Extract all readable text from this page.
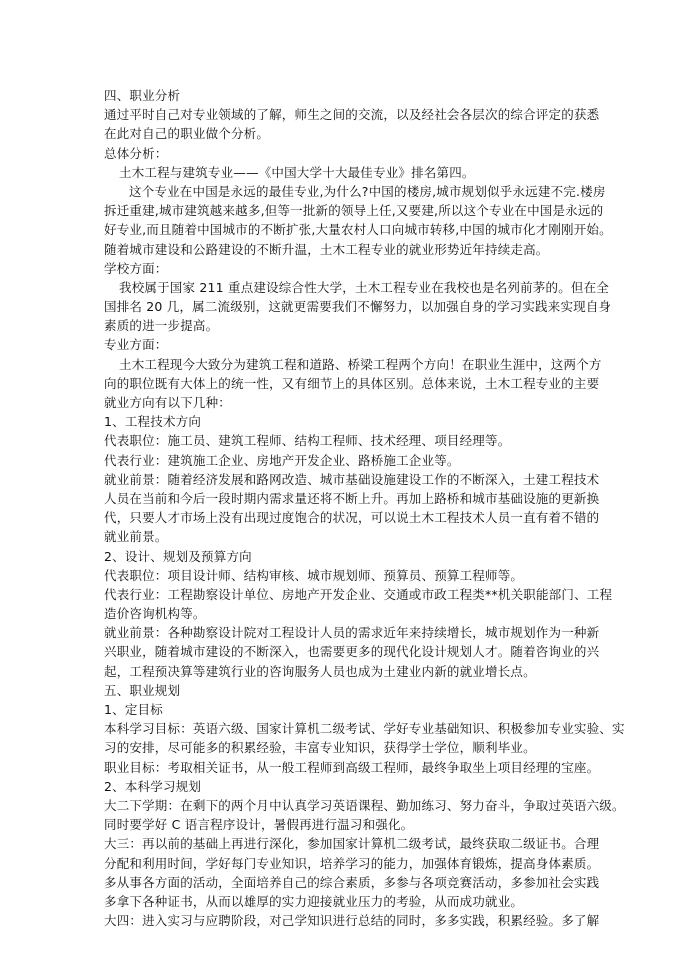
四、职业分析
通过平时自己对专业领域的了解，师生之间的交流，以及经社会各层次的综合评定的获悉
在此对自己的职业做个分析。
总体分析：
土木工程与建筑专业——《中国大学十大最佳专业》排名第四。
这个专业在中国是永远的最佳专业,为什么?中国的楼房,城市规划似乎永远建不完.楼房
拆迁重建,城市建筑越来越多,但等一批新的领导上任,又要建,所以这个专业在中国是永远的
好专业,而且随着中国城市的不断扩张,大量农村人口向城市转移,中国的城市化才刚刚开始。
随着城市建设和公路建设的不断升温，土木工程专业的就业形势近年持续走高。
学校方面：
我校属于国家 211 重点建设综合性大学，土木工程专业在我校也是名列前茅的。但在全
国排名 20 几，属二流级别，这就更需要我们不懈努力，以加强自身的学习实践来实现自身
素质的进一步提高。
专业方面：
土木工程现今大致分为建筑工程和道路、桥梁工程两个方向！在职业生涯中，这两个方
向的职位既有大体上的统一性，又有细节上的具体区别。总体来说，土木工程专业的主要
就业方向有以下几种：
1、工程技术方向
代表职位：施工员、建筑工程师、结构工程师、技术经理、项目经理等。
代表行业：建筑施工企业、房地产开发企业、路桥施工企业等。
就业前景：随着经济发展和路网改造、城市基础设施建设工作的不断深入，土建工程技术
人员在当前和今后一段时期内需求量还将不断上升。再加上路桥和城市基础设施的更新换
代，只要人才市场上没有出现过度饱合的状况，可以说土木工程技术人员一直有着不错的
就业前景。
2、设计、规划及预算方向
代表职位：项目设计师、结构审核、城市规划师、预算员、预算工程师等。
代表行业：工程勘察设计单位、房地产开发企业、交通或市政工程类**机关职能部门、工程
造价咨询机构等。
就业前景：各种勘察设计院对工程设计人员的需求近年来持续增长，城市规划作为一种新
兴职业，随着城市建设的不断深入，也需要更多的现代化设计规划人才。随着咨询业的兴
起，工程预决算等建筑行业的咨询服务人员也成为土建业内新的就业增长点。
五、职业规划
1、定目标
本科学习目标：英语六级、国家计算机二级考试、学好专业基础知识、积极参加专业实验、实
习的安排，尽可能多的积累经验，丰富专业知识，获得学士学位，顺利毕业。
职业目标：考取相关证书，从一般工程师到高级工程师，最终争取坐上项目经理的宝座。
2、本科学习规划
大二下学期：在剩下的两个月中认真学习英语课程、勤加练习、努力奋斗，争取过英语六级。
同时要学好 C 语言程序设计，暑假再进行温习和强化。
大三：再以前的基础上再进行深化，参加国家计算机二级考试，最终获取二级证书。合理
分配和利用时间，学好每门专业知识，培养学习的能力，加强体育锻炼，提高身体素质。
多从事各方面的活动，全面培养自己的综合素质，多参与各项竞赛活动，多参加社会实践
多拿下各种证书，从而以雄厚的实力迎接就业压力的考验，从而成功就业。
大四：进入实习与应聘阶段，对己学知识进行总结的同时，多多实践，积累经验。多了解
